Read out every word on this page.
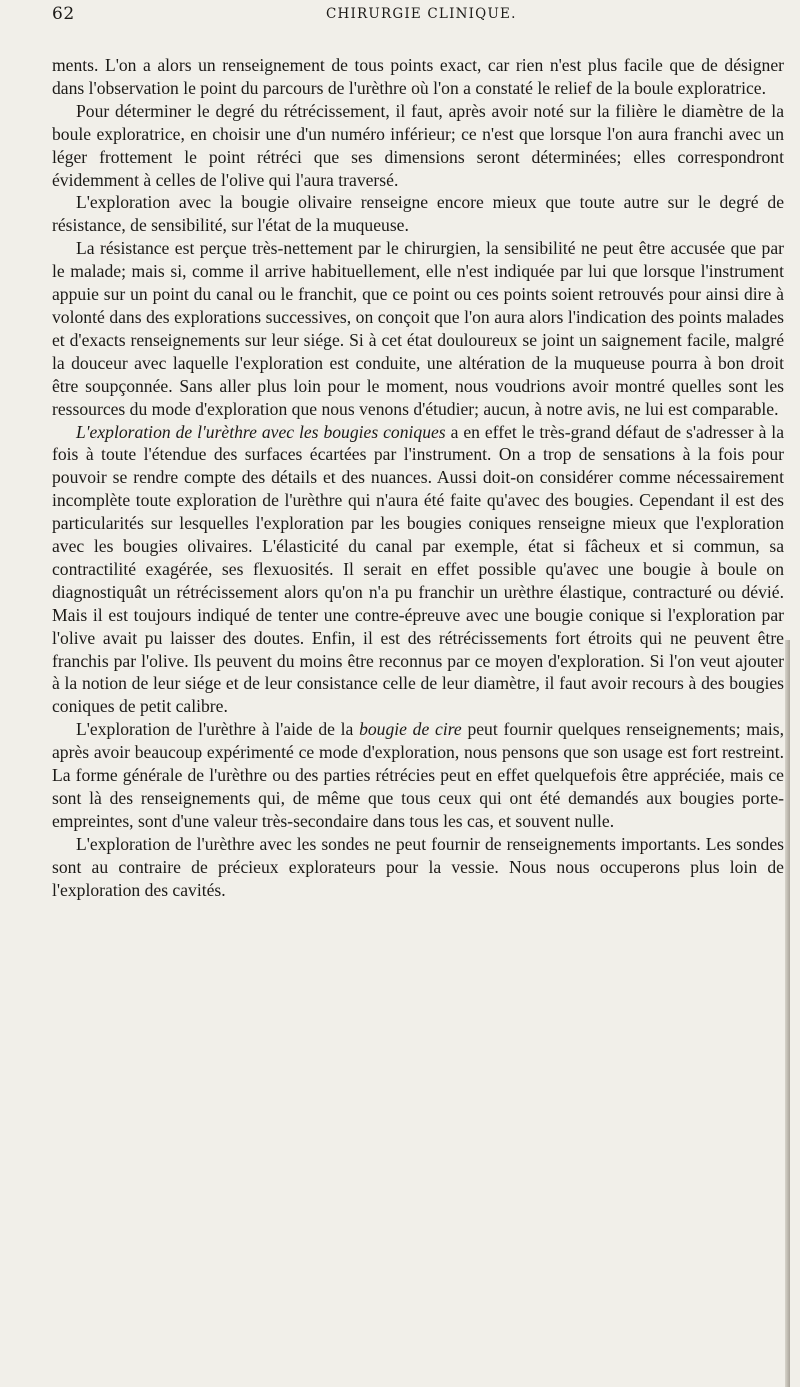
62	CHIRURGIE CLINIQUE.

ments. L'on a alors un renseignement de tous points exact, car rien n'est plus facile que de désigner dans l'observation le point du parcours de l'urèthre où l'on a constaté le relief de la boule exploratrice.

Pour déterminer le degré du rétrécissement, il faut, après avoir noté sur la filière le diamètre de la boule exploratrice, en choisir une d'un numéro inférieur; ce n'est que lorsque l'on aura franchi avec un léger frottement le point rétréci que ses dimensions seront déterminées; elles correspondront évidemment à celles de l'olive qui l'aura traversé.

L'exploration avec la bougie olivaire renseigne encore mieux que toute autre sur le degré de résistance, de sensibilité, sur l'état de la muqueuse.

La résistance est perçue très-nettement par le chirurgien, la sensibilité ne peut être accusée que par le malade; mais si, comme il arrive habituellement, elle n'est indiquée par lui que lorsque l'instrument appuie sur un point du canal ou le franchit, que ce point ou ces points soient retrouvés pour ainsi dire à volonté dans des explorations successives, on conçoit que l'on aura alors l'indication des points malades et d'exacts renseignements sur leur siége. Si à cet état douloureux se joint un saignement facile, malgré la douceur avec laquelle l'exploration est conduite, une altération de la muqueuse pourra à bon droit être soupçonnée. Sans aller plus loin pour le moment, nous voudrions avoir montré quelles sont les ressources du mode d'exploration que nous venons d'étudier; aucun, à notre avis, ne lui est comparable.

L'exploration de l'urèthre avec les bougies coniques a en effet le très-grand défaut de s'adresser à la fois à toute l'étendue des surfaces écartées par l'instrument. On a trop de sensations à la fois pour pouvoir se rendre compte des détails et des nuances. Aussi doit-on considérer comme nécessairement incomplète toute exploration de l'urèthre qui n'aura été faite qu'avec des bougies. Cependant il est des particularités sur lesquelles l'exploration par les bougies coniques renseigne mieux que l'exploration avec les bougies olivaires. L'élasticité du canal par exemple, état si fâcheux et si commun, sa contractilité exagérée, ses flexuosités. Il serait en effet possible qu'avec une bougie à boule on diagnostiquât un rétrécissement alors qu'on n'a pu franchir un urèthre élastique, contracturé ou dévié. Mais il est toujours indiqué de tenter une contre-épreuve avec une bougie conique si l'exploration par l'olive avait pu laisser des doutes. Enfin, il est des rétrécissements fort étroits qui ne peuvent être franchis par l'olive. Ils peuvent du moins être reconnus par ce moyen d'exploration. Si l'on veut ajouter à la notion de leur siége et de leur consistance celle de leur diamètre, il faut avoir recours à des bougies coniques de petit calibre.

L'exploration de l'urèthre à l'aide de la bougie de cire peut fournir quelques renseignements; mais, après avoir beaucoup expérimenté ce mode d'exploration, nous pensons que son usage est fort restreint. La forme générale de l'urèthre ou des parties rétrécies peut en effet quelquefois être appréciée, mais ce sont là des renseignements qui, de même que tous ceux qui ont été demandés aux bougies porte-empreintes, sont d'une valeur très-secondaire dans tous les cas, et souvent nulle.

L'exploration de l'urèthre avec les sondes ne peut fournir de renseignements importants. Les sondes sont au contraire de précieux explorateurs pour la vessie. Nous nous occuperons plus loin de l'exploration des cavités.
